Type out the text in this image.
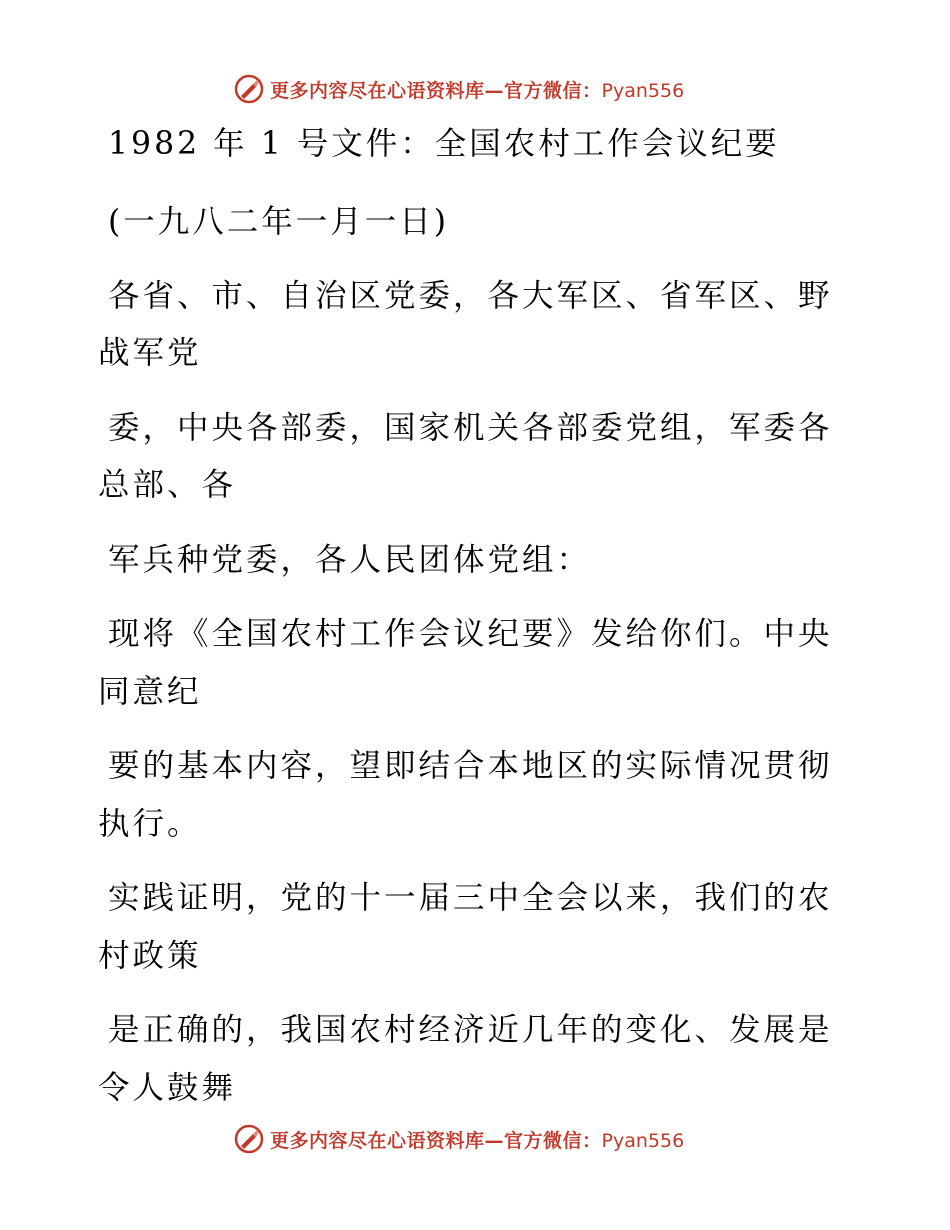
更多内容尽在心语资料库—官方微信：Pyan556
1982 年 1 号文件：全国农村工作会议纪要
(一九八二年一月一日)
各省、市、自治区党委，各大军区、省军区、野
战军党
委，中央各部委，国家机关各部委党组，军委各
总部、各
军兵种党委，各人民团体党组：
现将《全国农村工作会议纪要》发给你们。中央
同意纪
要的基本内容，望即结合本地区的实际情况贯彻
执行。
实践证明，党的十一届三中全会以来，我们的农
村政策
是正确的，我国农村经济近几年的变化、发展是
令人鼓舞
更多内容尽在心语资料库—官方微信：Pyan556
